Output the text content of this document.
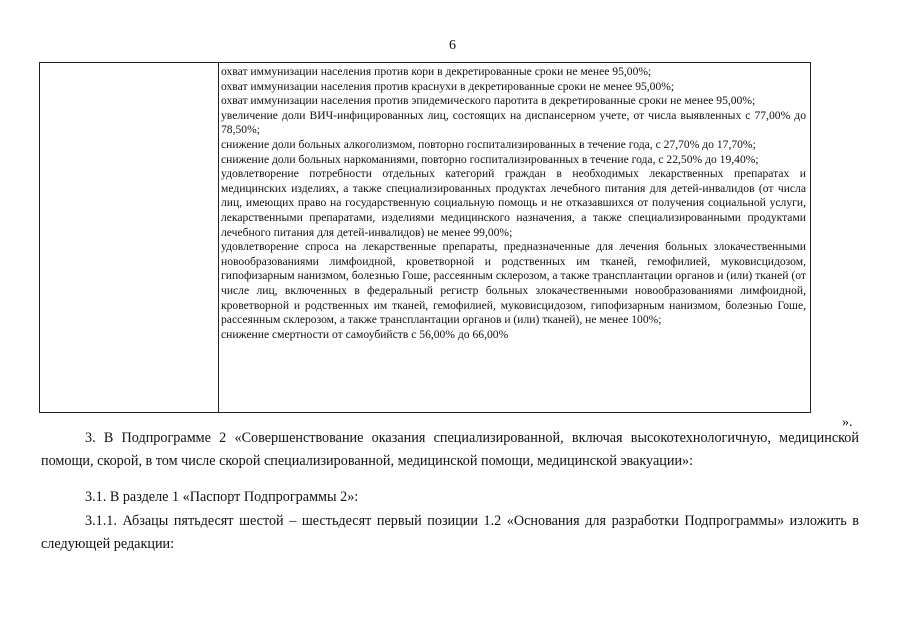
6

охват иммунизации населения против кори в декретированные сроки не менее 95,00%;

охват иммунизации населения против краснухи в декретированные сроки не менее 95,00%;

охват иммунизации населения против эпидемического паротита в декретированные сроки не менее 95,00%;

увеличение доли ВИЧ-инфицированных лиц, состоящих на диспансерном учете, от числа выявленных с 77,00% до 78,50%;

снижение доли больных алкоголизмом, повторно госпитализированных в течение года, с 27,70% до 17,70%;

снижение доли больных наркоманиями, повторно госпитализированных в течение года, с 22,50% до 19,40%;

удовлетворение потребности отдельных категорий граждан в необходимых лекарственных препаратах и медицинских изделиях, а также специализированных продуктах лечебного питания для детей-инвалидов (от числа лиц, имеющих право на государственную социальную помощь и не отказавшихся от получения социальной услуги, лекарственными препаратами, изделиями медицинского назначения, а также специализированными продуктами лечебного питания для детей-инвалидов) не менее 99,00%;

удовлетворение спроса на лекарственные препараты, предназначенные для лечения больных злокачественными новообразованиями лимфоидной, кроветворной и родственных им тканей, гемофилией, муковисцидозом, гипофизарным нанизмом, болезнью Гоше, рассеянным склерозом, а также трансплантации органов и (или) тканей (от числе лиц, включенных в федеральный регистр больных злокачественными новообразованиями лимфоидной, кроветворной и родственных им тканей, гемофилией, муковисцидозом, гипофизарным нанизмом, болезнью Гоше, рассеянным склерозом, а также трансплантации органов и (или) тканей), не менее 100%;

снижение смертности от самоубийств с 56,00% до 66,00%

».

3. В Подпрограмме 2 «Совершенствование оказания специализированной, включая высокотехнологичную, медицинской помощи, скорой, в том числе скорой специализированной, медицинской помощи, медицинской эвакуации»:

3.1. В разделе 1 «Паспорт Подпрограммы 2»:

3.1.1. Абзацы пятьдесят шестой – шестьдесят первый позиции 1.2 «Основания для разработки Подпрограммы» изложить в следующей редакции:
